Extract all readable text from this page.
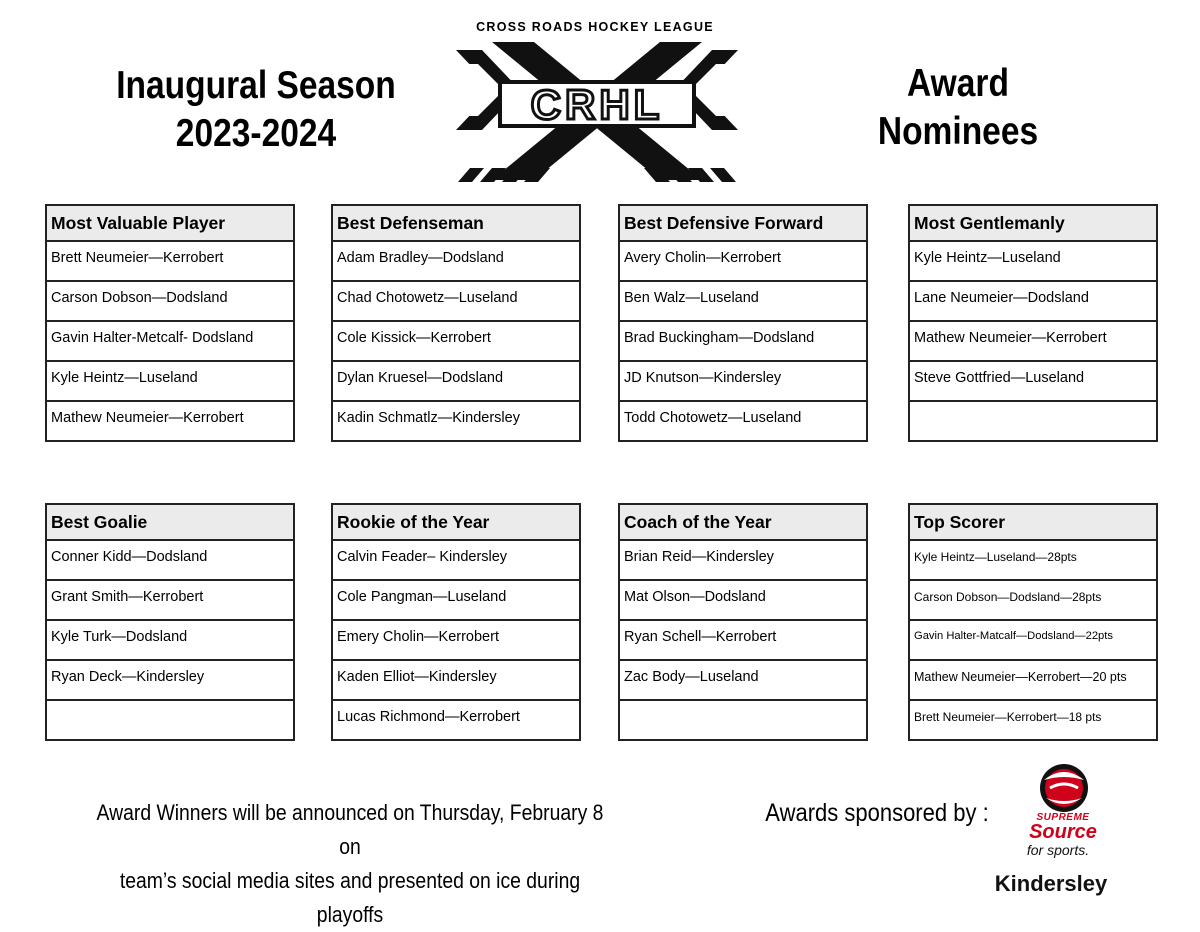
Inaugural Season
2023-2024
CROSS ROADS HOCKEY LEAGUE
CRHL	Award
Nominees
Most Valuable Player
Brett Neumeier—Kerrobert
Carson Dobson—Dodsland
Gavin Halter-Metcalf- Dodsland
Kyle Heintz—Luseland
Mathew Neumeier—Kerrobert
Best Defenseman
Adam Bradley—Dodsland
Chad Chotowetz—Luseland
Cole Kissick—Kerrobert
Dylan Kruesel—Dodsland
Kadin Schmatlz—Kindersley
Best Defensive Forward
Avery Cholin—Kerrobert
Ben Walz—Luseland
Brad Buckingham—Dodsland
JD Knutson—Kindersley
Todd Chotowetz—Luseland
Most Gentlemanly
Kyle Heintz—Luseland
Lane Neumeier—Dodsland
Mathew Neumeier—Kerrobert
Steve Gottfried—Luseland
Best Goalie
Conner Kidd—Dodsland
Grant Smith—Kerrobert
Kyle Turk—Dodsland
Ryan Deck—Kindersley
Rookie of the Year
Calvin Feader– Kindersley
Cole Pangman—Luseland
Emery Cholin—Kerrobert
Kaden Elliot—Kindersley
Lucas Richmond—Kerrobert
Coach of the Year
Brian Reid—Kindersley
Mat Olson—Dodsland
Ryan Schell—Kerrobert
Zac Body—Luseland
Top Scorer
Kyle Heintz—Luseland—28pts
Carson Dobson—Dodsland—28pts
Gavin Halter-Matcalf—Dodsland—22pts
Mathew Neumeier—Kerrobert—20 pts
Brett Neumeier—Kerrobert—18 pts
Award Winners will be announced on Thursday, February 8 on
team’s social media sites and presented on ice during playoffs
Awards sponsored by :	SUPREME
Source
for sports.
Kindersley
